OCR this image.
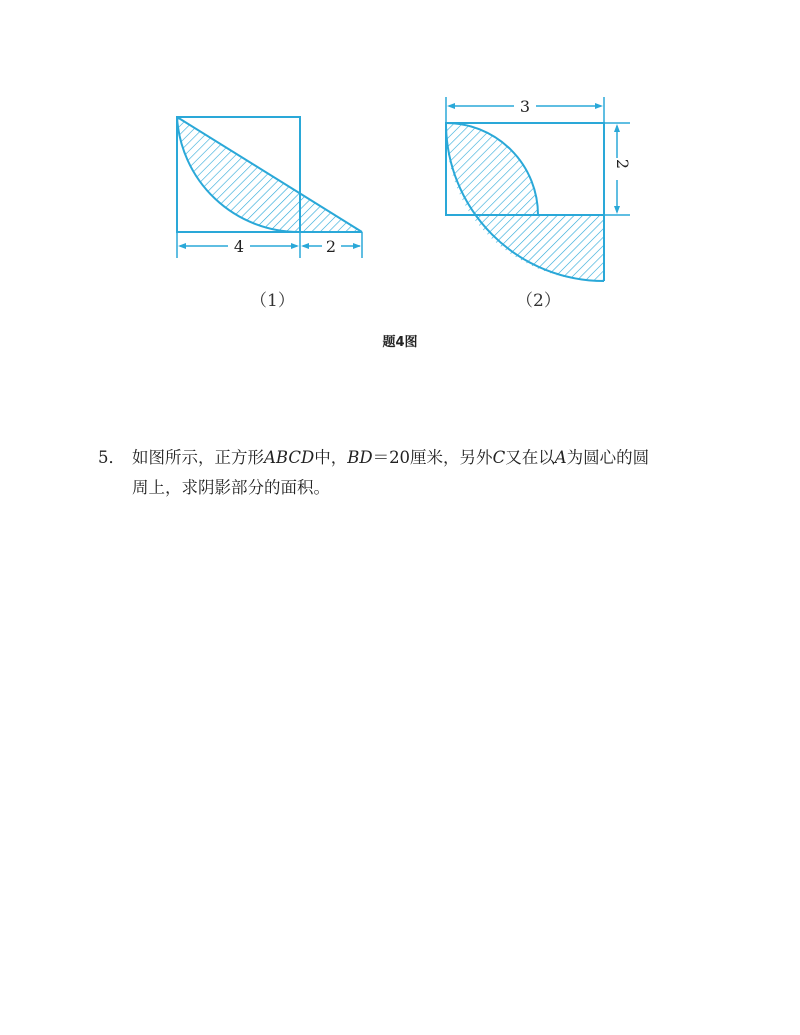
4	2
（1）
3
2
（2）
题4图
5． 如图所示，正方形ABCD中，BD＝20厘米，另外C又在以A为圆心的圆
周上，求阴影部分的面积。
